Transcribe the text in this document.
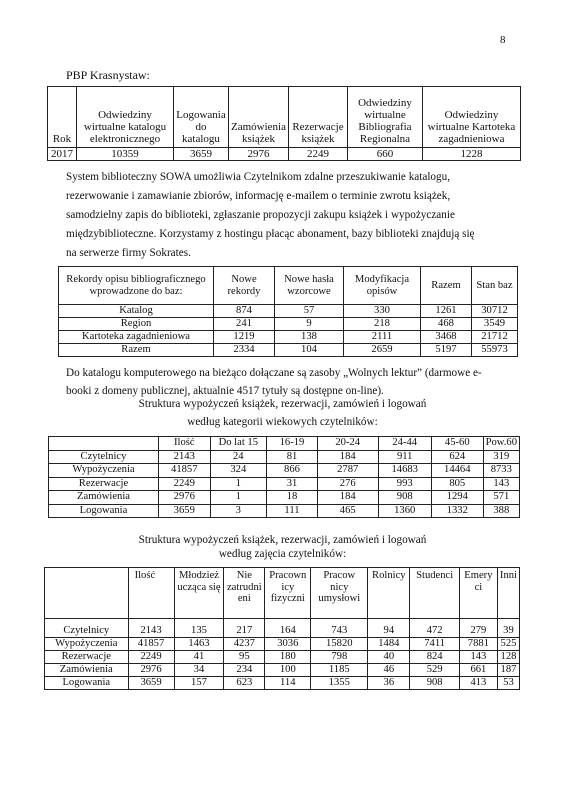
8
PBP Krasnystaw:
Rok	Odwiedziny wirtualne katalogu elektronicznego	Logowania do katalogu	Zamówienia książek	Rezerwacje książek	Odwiedziny wirtualne Bibliografia Regionalna	Odwiedziny wirtualne Kartoteka zagadnieniowa
2017	10359	3659	2976	2249	660	1228
System biblioteczny SOWA umożliwia Czytelnikom zdalne przeszukiwanie katalogu,
rezerwowanie i zamawianie zbiorów, informację e-mailem o terminie zwrotu książek,
samodzielny zapis do biblioteki, zgłaszanie propozycji zakupu książek i wypożyczanie
międzybiblioteczne. Korzystamy z hostingu płacąc abonament, bazy biblioteki znajdują się
na serwerze firmy Sokrates.
Rekordy opisu bibliograficznego wprowadzone do baz:	Nowe rekordy	Nowe hasła wzorcowe	Modyfikacja opisów	Razem	Stan baz
Katalog	874	57	330	1261	30712
Region	241	9	218	468	3549
Kartoteka zagadnieniowa	1219	138	2111	3468	21712
Razem	2334	104	2659	5197	55973
Do katalogu komputerowego na bieżąco dołączane są zasoby „Wolnych lektur” (darmowe e-
booki z domeny publicznej, aktualnie 4517 tytuły są dostępne on-line).
Struktura wypożyczeń książek, rezerwacji, zamówień i logowań
według kategorii wiekowych czytelników:
	Ilość	Do lat 15	16-19	20-24	24-44	45-60	Pow.60
Czytelnicy	2143	24	81	184	911	624	319
Wypożyczenia	41857	324	866	2787	14683	14464	8733
Rezerwacje	2249	1	31	276	993	805	143
Zamówienia	2976	1	18	184	908	1294	571
Logowania	3659	3	111	465	1360	1332	388
Struktura wypożyczeń książek, rezerwacji, zamówień i logowań
według zajęcia czytelników:
	Ilość	Młodzież ucząca się	Nie zatrudni eni	Pracown icy fizyczni	Pracow nicy umysłowi	Rolnicy	Studenci	Emery ci	Inni
Czytelnicy	2143	135	217	164	743	94	472	279	39
Wypożyczenia	41857	1463	4237	3036	15820	1484	7411	7881	525
Rezerwacje	2249	41	95	180	798	40	824	143	128
Zamówienia	2976	34	234	100	1185	46	529	661	187
Logowania	3659	157	623	114	1355	36	908	413	53
